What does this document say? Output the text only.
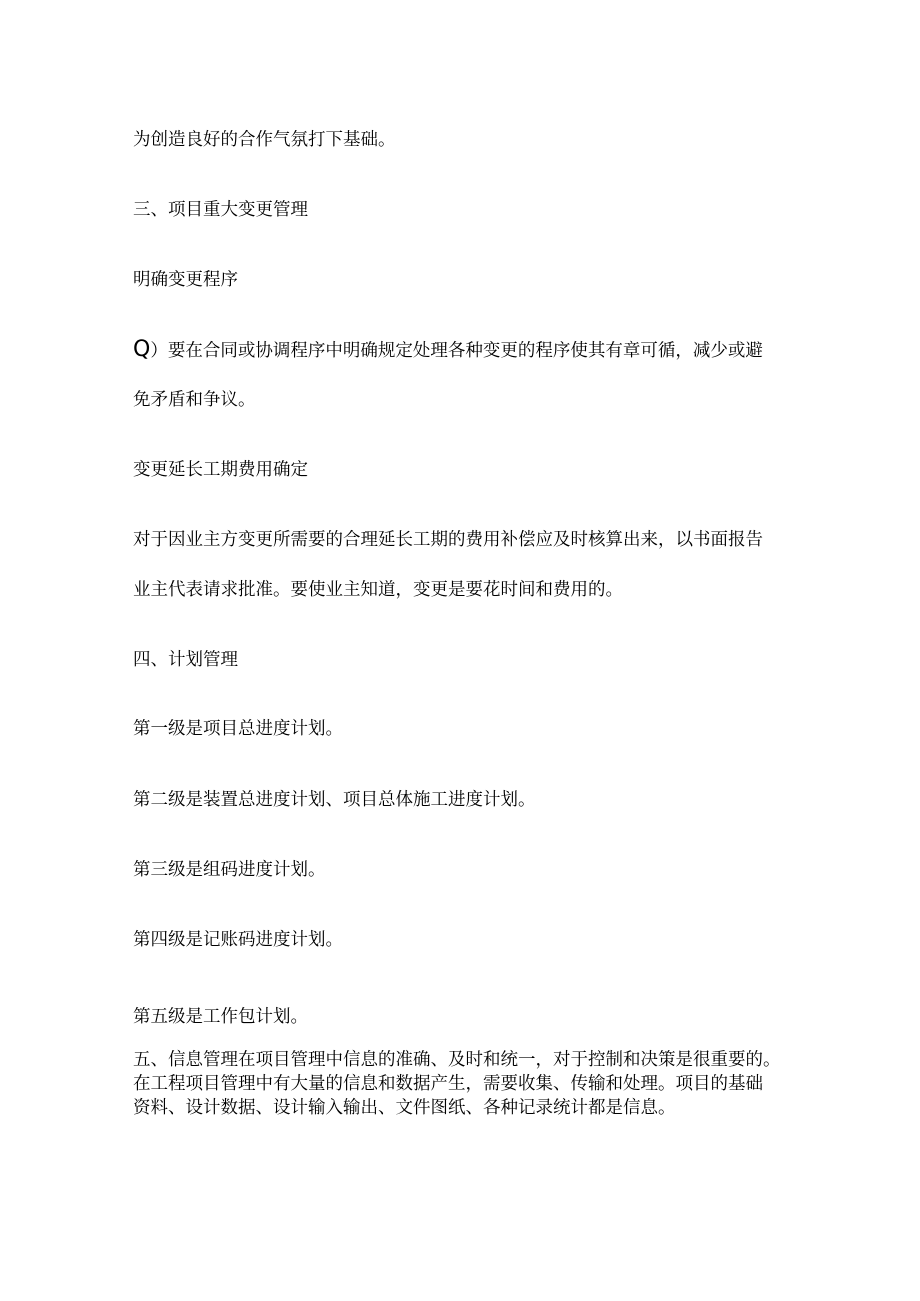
为创造良好的合作气氛打下基础。
三、项目重大变更管理
明确变更程序
Q）要在合同或协调程序中明确规定处理各种变更的程序使其有章可循，减少或避
免矛盾和争议。
变更延长工期费用确定
对于因业主方变更所需要的合理延长工期的费用补偿应及时核算出来，以书面报告
业主代表请求批准。要使业主知道，变更是要花时间和费用的。
四、计划管理
第一级是项目总进度计划。
第二级是装置总进度计划、项目总体施工进度计划。
第三级是组码进度计划。
第四级是记账码进度计划。
第五级是工作包计划。
五、信息管理在项目管理中信息的准确、及时和统一，对于控制和决策是很重要的。
在工程项目管理中有大量的信息和数据产生，需要收集、传输和处理。项目的基础
资料、设计数据、设计输入输出、文件图纸、各种记录统计都是信息。
